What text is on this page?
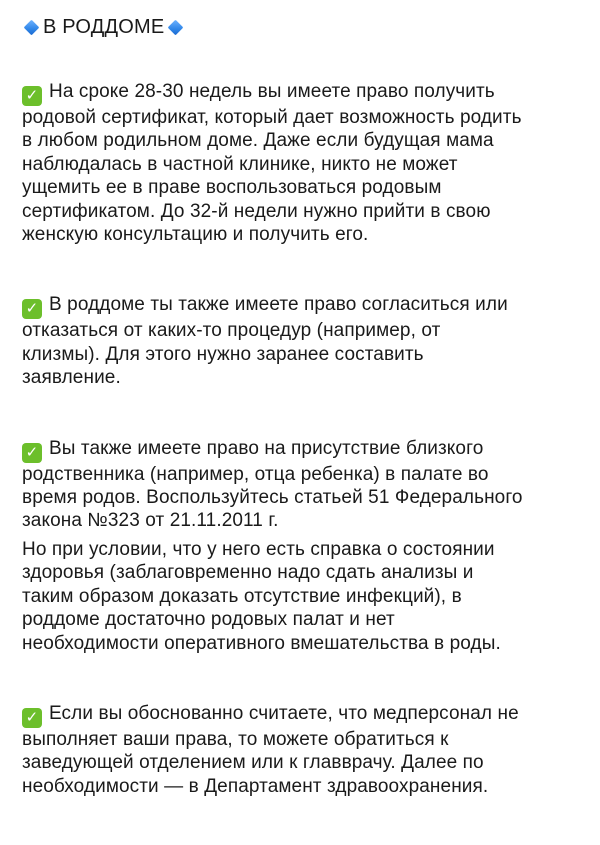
В РОДДОМЕ
✓ На сроке 28-30 недель вы имеете право получить
родовой сертификат, который дает возможность родить
в любом родильном доме. Даже если будущая мама
наблюдалась в частной клинике, никто не может
ущемить ее в праве воспользоваться родовым
сертификатом. До 32-й недели нужно прийти в свою
женскую консультацию и получить его.
✓ В роддоме ты также имеете право согласиться или
отказаться от каких-то процедур (например, от
клизмы). Для этого нужно заранее составить
заявление.
✓ Вы также имеете право на присутствие близкого
родственника (например, отца ребенка) в палате во
время родов. Воспользуйтесь статьей 51 Федерального
закона №323 от 21.11.2011 г.
Но при условии, что у него есть справка о состоянии
здоровья (заблаговременно надо сдать анализы и
таким образом доказать отсутствие инфекций), в
роддоме достаточно родовых палат и нет
необходимости оперативного вмешательства в роды.
✓ Если вы обоснованно считаете, что медперсонал не
выполняет ваши права, то можете обратиться к
заведующей отделением или к главврачу. Далее по
необходимости — в Департамент здравоохранения.
